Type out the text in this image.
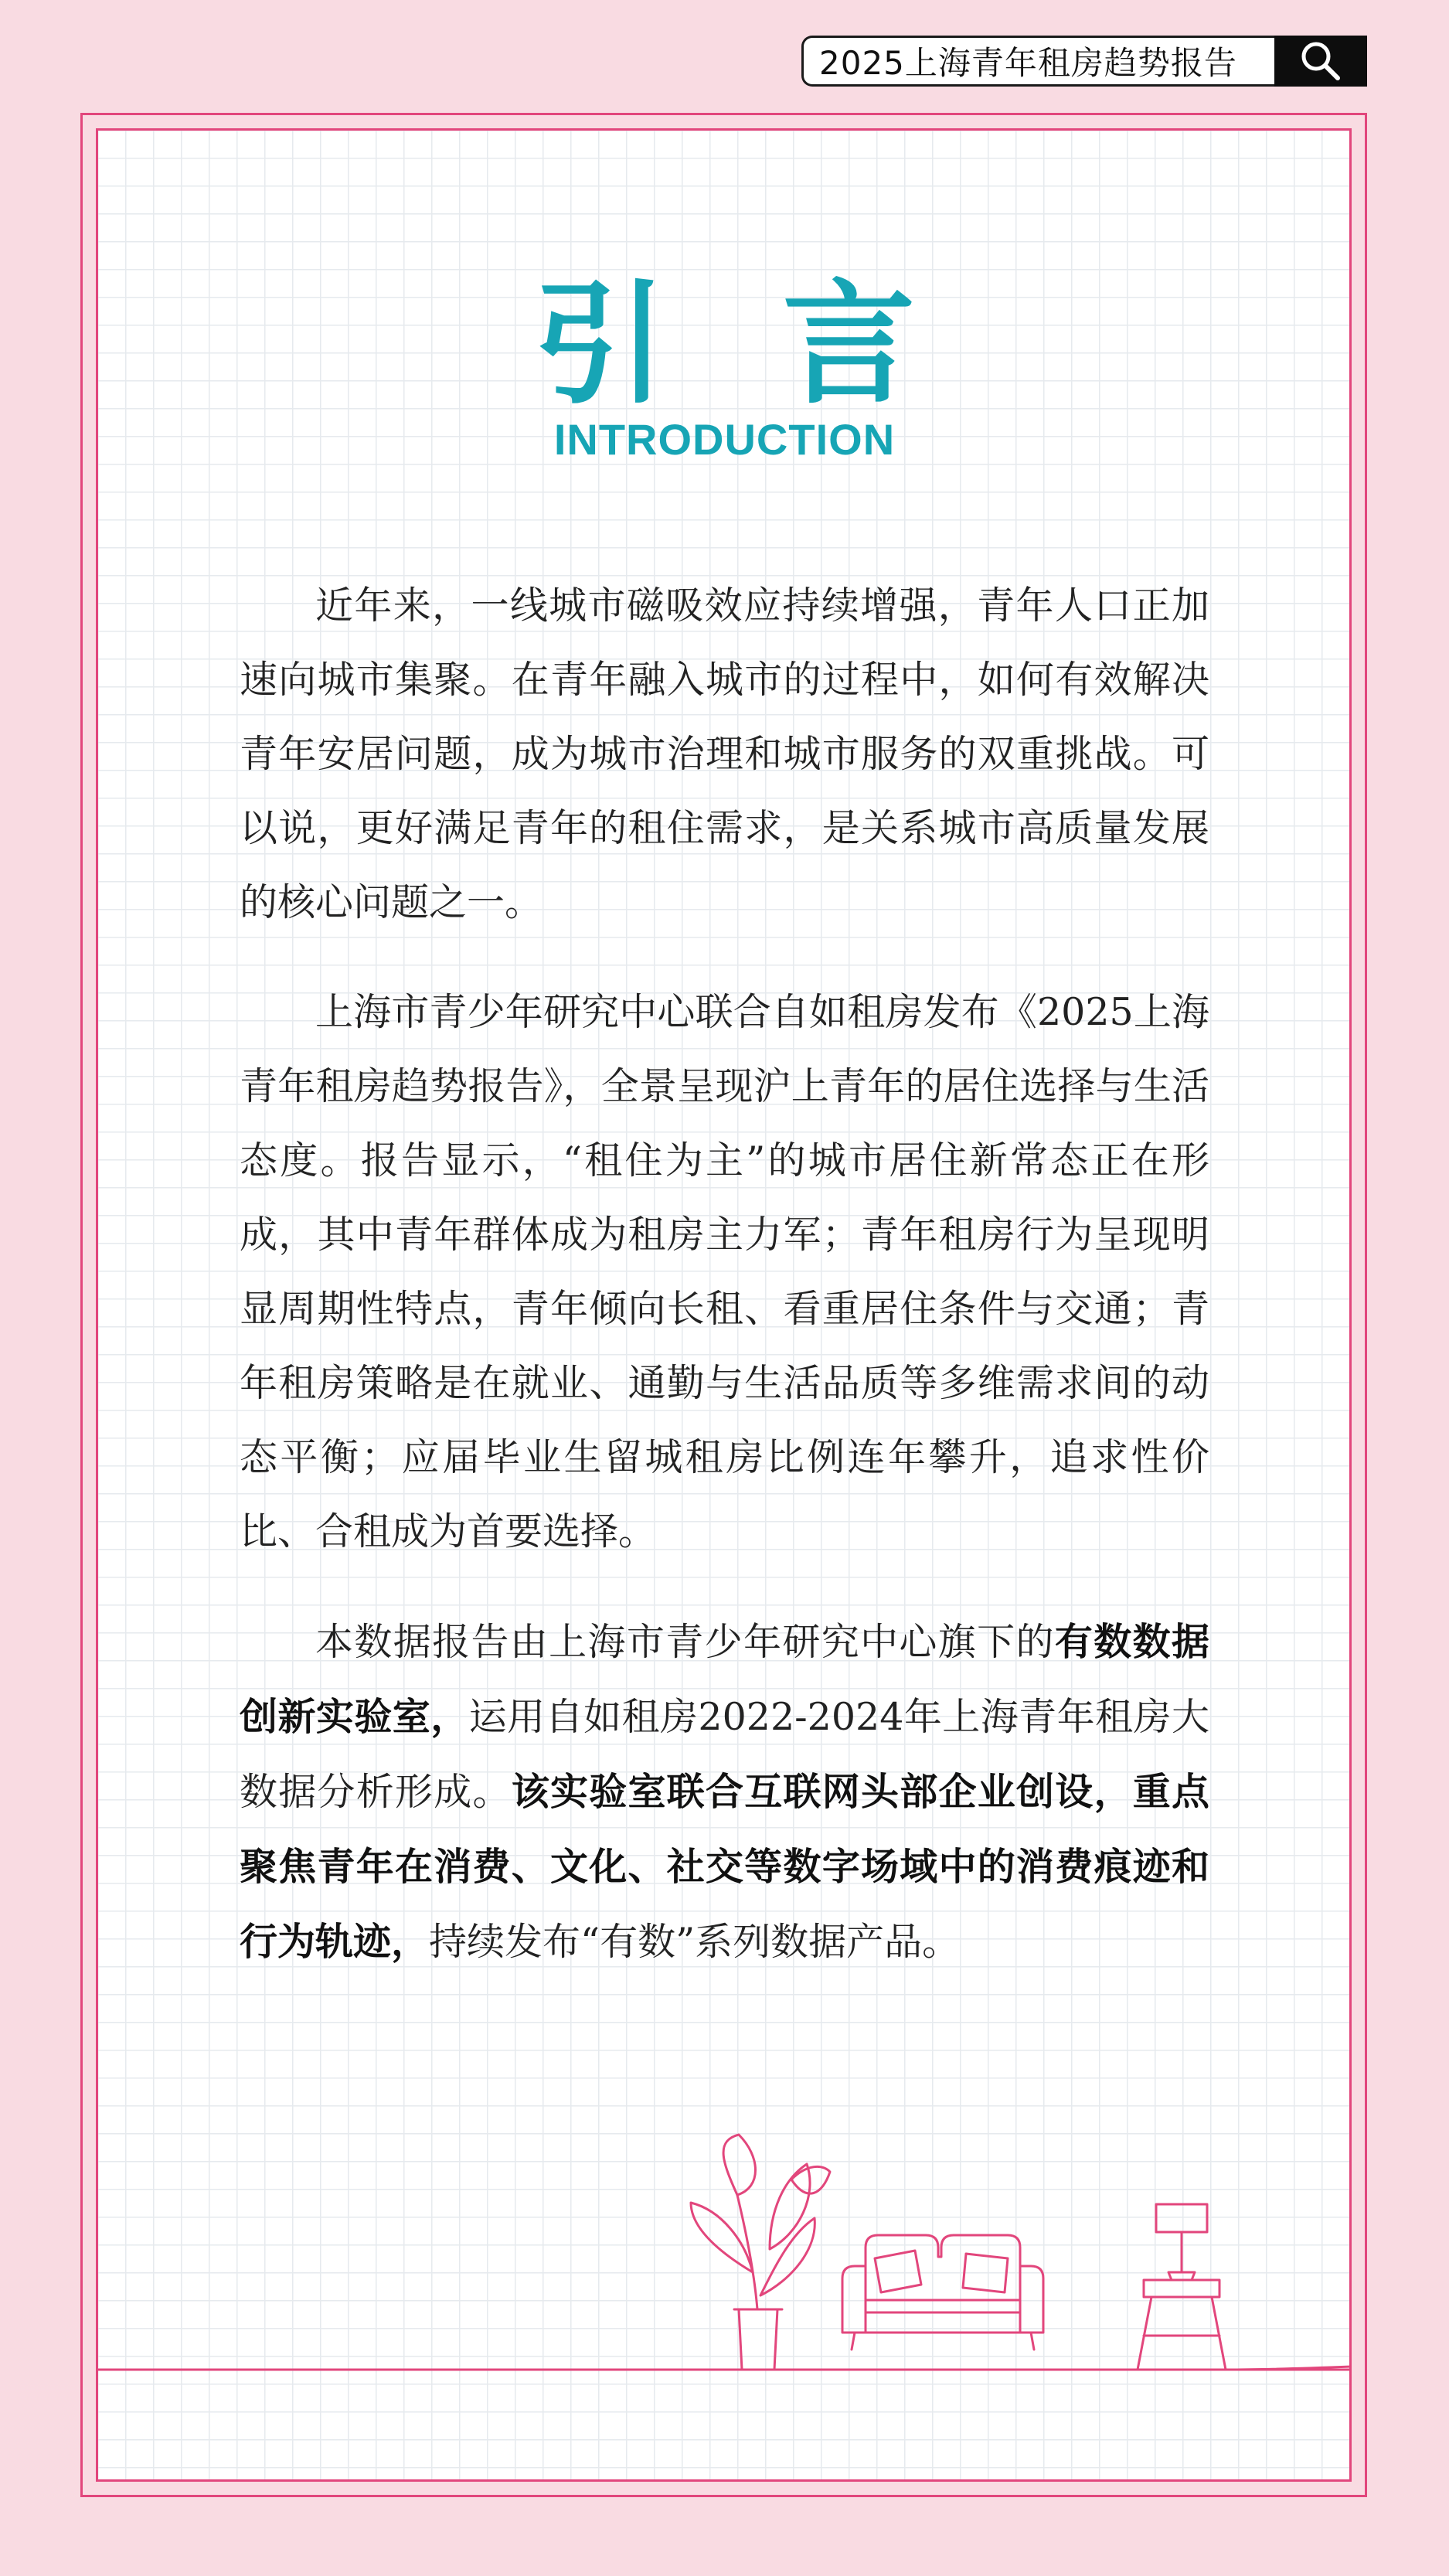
2025上海青年租房趋势报告
引言
INTRODUCTION

近年来，一线城市磁吸效应持续增强，青年人口正加速向城市集聚。在青年融入城市的过程中，如何有效解决青年安居问题，成为城市治理和城市服务的双重挑战。可以说，更好满足青年的租住需求，是关系城市高质量发展的核心问题之一。

上海市青少年研究中心联合自如租房发布《2025上海青年租房趋势报告》，全景呈现沪上青年的居住选择与生活态度。报告显示，“租住为主”的城市居住新常态正在形成，其中青年群体成为租房主力军；青年租房行为呈现明显周期性特点，青年倾向长租、看重居住条件与交通；青年租房策略是在就业、通勤与生活品质等多维需求间的动态平衡；应届毕业生留城租房比例连年攀升，追求性价比、合租成为首要选择。

本数据报告由上海市青少年研究中心旗下的有数数据创新实验室，运用自如租房2022-2024年上海青年租房大数据分析形成。该实验室联合互联网头部企业创设，重点聚焦青年在消费、文化、社交等数字场域中的消费痕迹和行为轨迹，持续发布“有数”系列数据产品。
